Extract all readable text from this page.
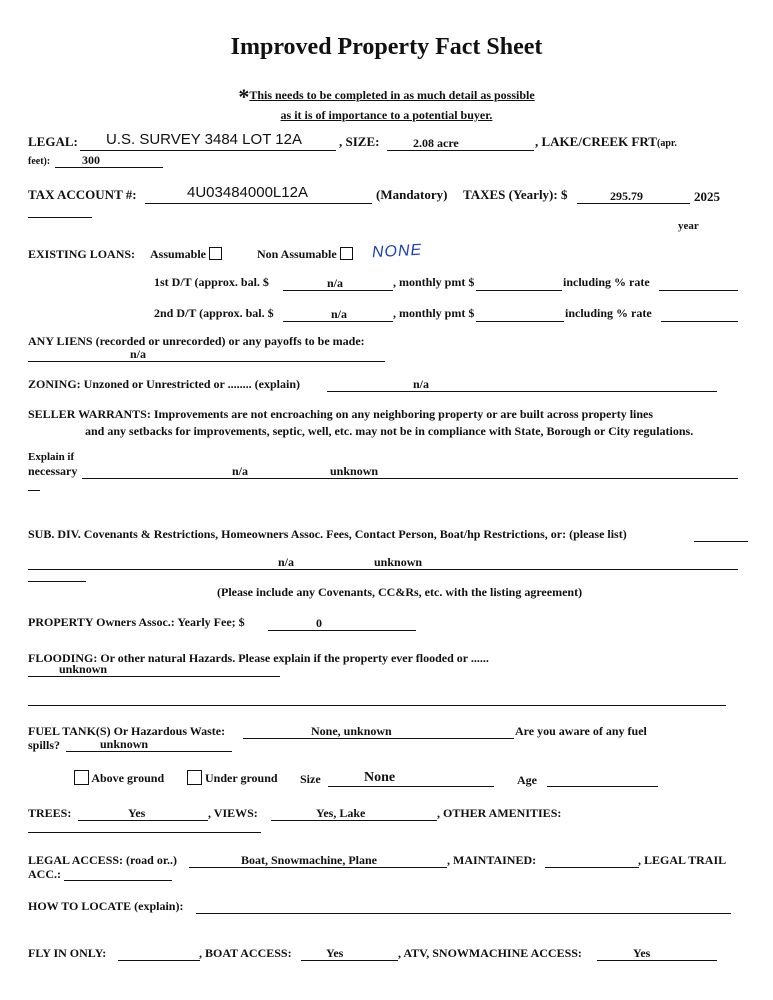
Improved Property Fact Sheet
*This needs to be completed in as much detail as possible
as it is of importance to a potential buyer.
LEGAL: U.S. SURVEY 3484 LOT 12A	, SIZE:	2.08 acre	, LAKE/CREEK FRT(apr.
feet):	300
TAX ACCOUNT #:	4U03484000L12A	(Mandatory) TAXES (Yearly): $	295.79	2025
year
EXISTING LOANS: Assumable	Non Assumable	NONE
1st D/T (approx. bal. $	n/a	, monthly pmt $	including % rate
2nd D/T (approx. bal. $	n/a	, monthly pmt $	including % rate
ANY LIENS (recorded or unrecorded) or any payoffs to be made:
n/a
ZONING: Unzoned or Unrestricted or ........ (explain)	n/a
SELLER WARRANTS: Improvements are not encroaching on any neighboring property or are built across property lines
and any setbacks for improvements, septic, well, etc. may not be in compliance with State, Borough or City regulations.
Explain if
necessary	n/a	unknown
SUB. DIV. Covenants & Restrictions, Homeowners Assoc. Fees, Contact Person, Boat/hp Restrictions, or: (please list)
n/a	unknown
(Please include any Covenants, CC&Rs, etc. with the listing agreement)
PROPERTY Owners Assoc.: Yearly Fee; $	0
FLOODING: Or other natural Hazards. Please explain if the property ever flooded or ......
unknown
FUEL TANK(S) Or Hazardous Waste:	None, unknown	Are you aware of any fuel
spills?	unknown
Above ground	Under ground Size	None	Age
TREES:	Yes	, VIEWS:	Yes, Lake	, OTHER AMENITIES:
LEGAL ACCESS: (road or..)	Boat, Snowmachine, Plane	, MAINTAINED:	, LEGAL TRAIL
ACC.:
HOW TO LOCATE (explain):
FLY IN ONLY:	, BOAT ACCESS:	Yes	, ATV, SNOWMACHINE ACCESS:	Yes
